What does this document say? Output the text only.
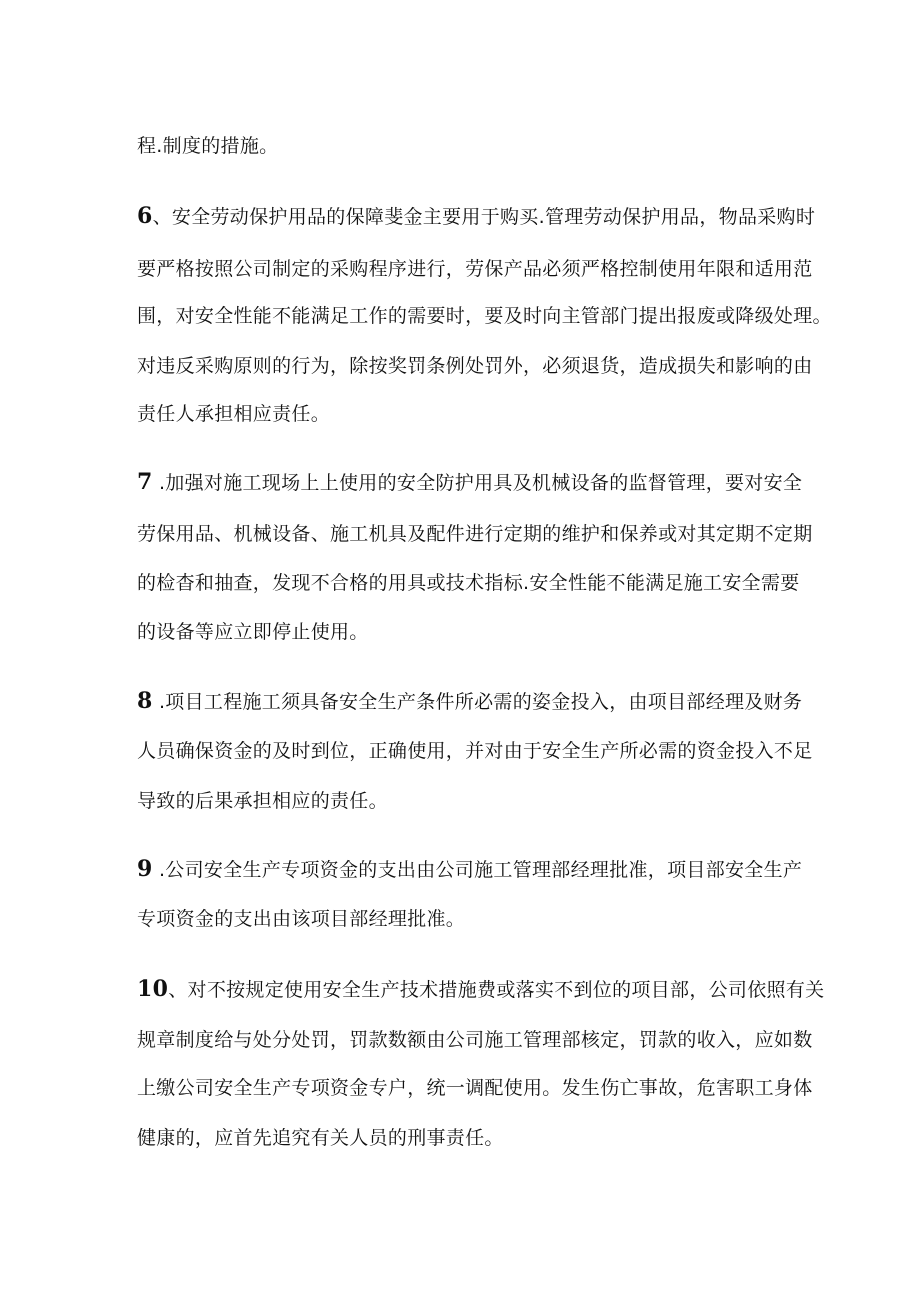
程.制度的措施。
6、安全劳动保护用品的保障斐金主要用于购买.管理劳动保护用品，物品采购时
要严格按照公司制定的采购程序进行，劳保产品必须严格控制使用年限和适用范
围，对安全性能不能满足工作的需要时，要及时向主管部门提出报废或降级处理。
对违反采购原则的行为，除按奖罚条例处罚外，必须退货，造成损失和影响的由
责任人承担相应责任。
7 .加强对施工现场上上使用的安全防护用具及机械设备的监督管理，要对安全
劳保用品、机械设备、施工机具及配件进行定期的维护和保养或对其定期不定期
的检杳和抽查，发现不合格的用具或技术指标.安全性能不能满足施工安全需要
的设备等应立即停止使用。
8 .项目工程施工须具备安全生产条件所必需的姿金投入，由项目部经理及财务
人员确保资金的及时到位，正确使用，并对由于安全生产所必需的资金投入不足
导致的后果承担相应的责任。
9 .公司安全生产专项资金的支出由公司施工管理部经理批准，项目部安全生产
专项资金的支出由该项目部经理批准。
10、对不按规定使用安全生产技术措施费或落实不到位的项目部，公司依照有关
规章制度给与处分处罚，罚款数额由公司施工管理部核定，罚款的收入，应如数
上缴公司安全生产专项资金专户，统一调配使用。发生伤亡事故，危害职工身体
健康的，应首先追究有关人员的刑事责任。
